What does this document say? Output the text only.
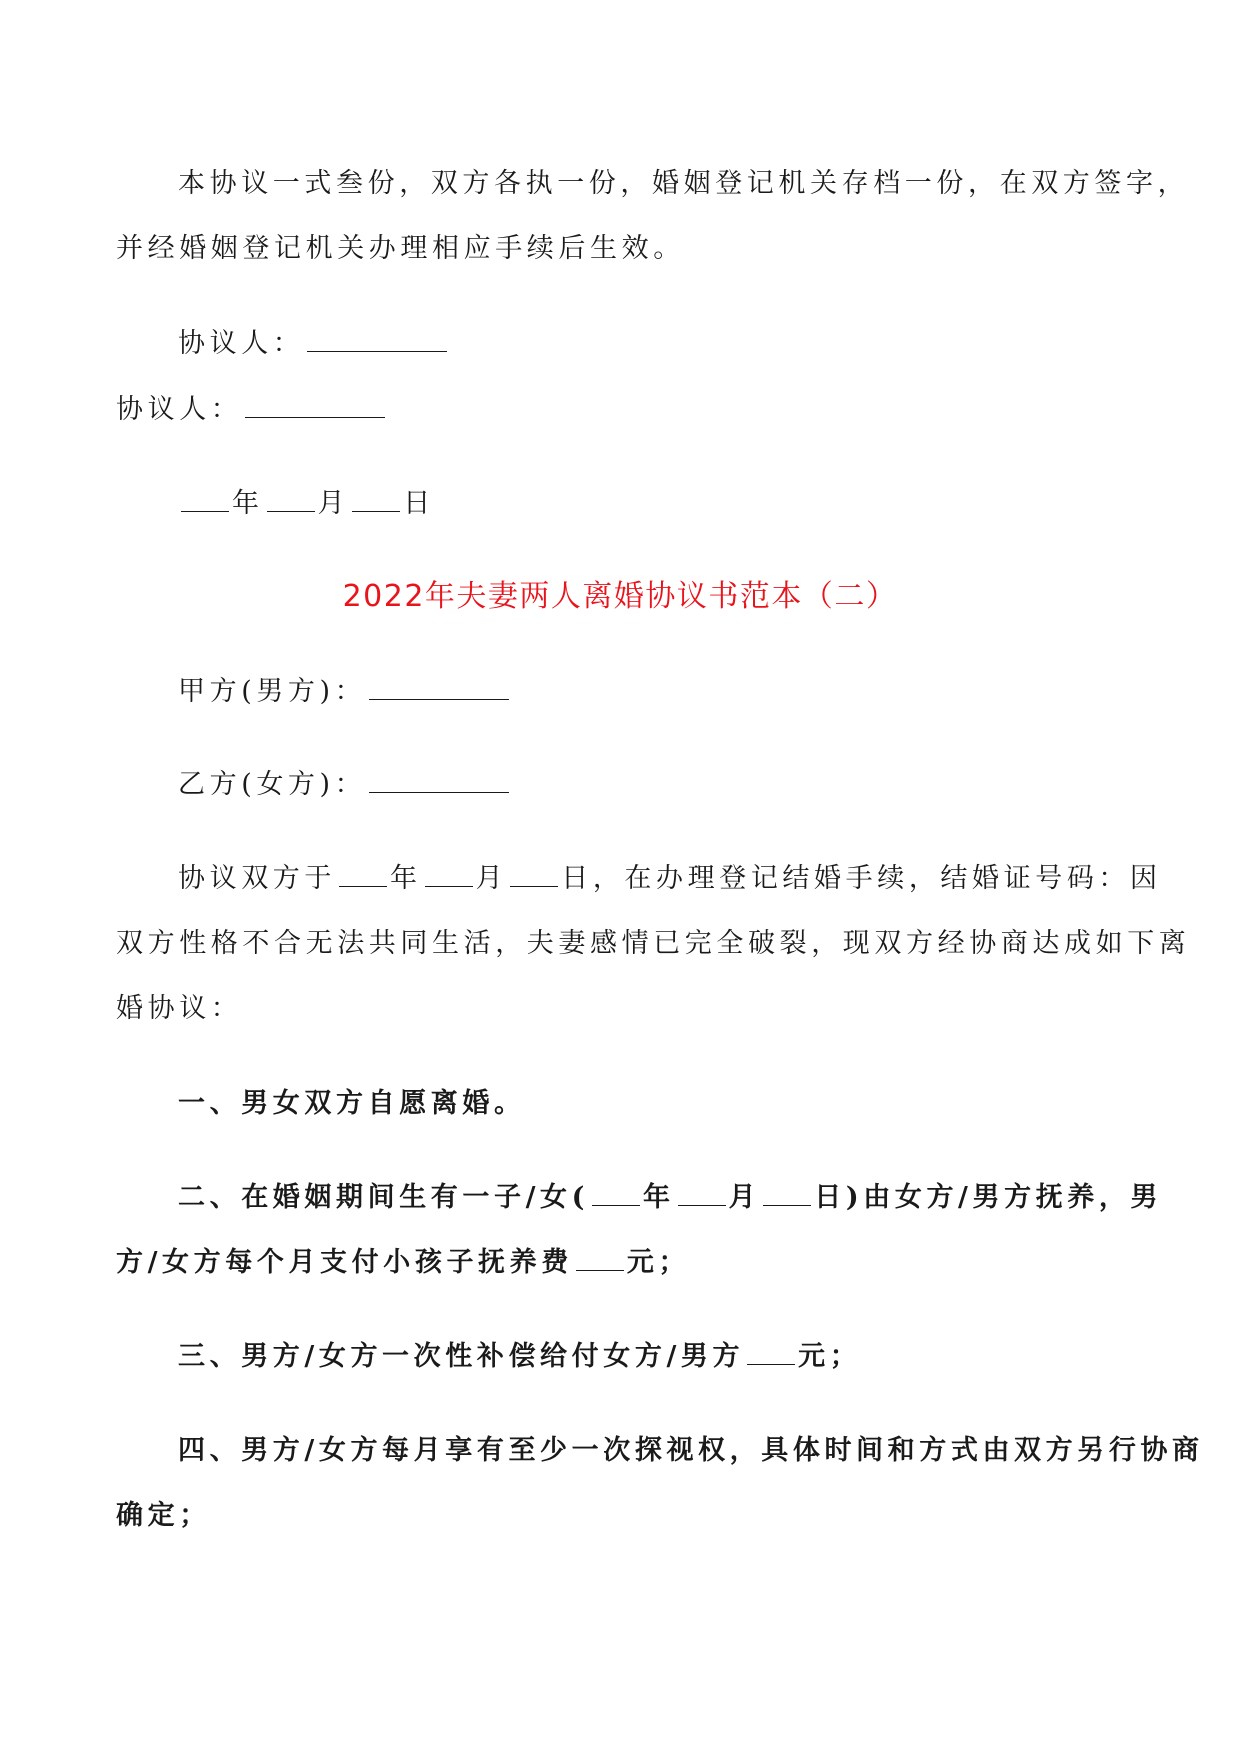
本协议一式叁份，双方各执一份，婚姻登记机关存档一份，在双方签字，
并经婚姻登记机关办理相应手续后生效。
协议人：
协议人：
年 月 日
2022年夫妻两人离婚协议书范本（二）
甲方(男方)：
乙方(女方)：
协议双方于 年 月 日，在办理登记结婚手续，结婚证号码：因
双方性格不合无法共同生活，夫妻感情已完全破裂，现双方经协商达成如下离
婚协议：
一、男女双方自愿离婚。
二、在婚姻期间生有一子/女( 年 月 日)由女方/男方抚养，男
方/女方每个月支付小孩子抚养费 元；
三、男方/女方一次性补偿给付女方/男方 元；
四、男方/女方每月享有至少一次探视权，具体时间和方式由双方另行协商
确定；
